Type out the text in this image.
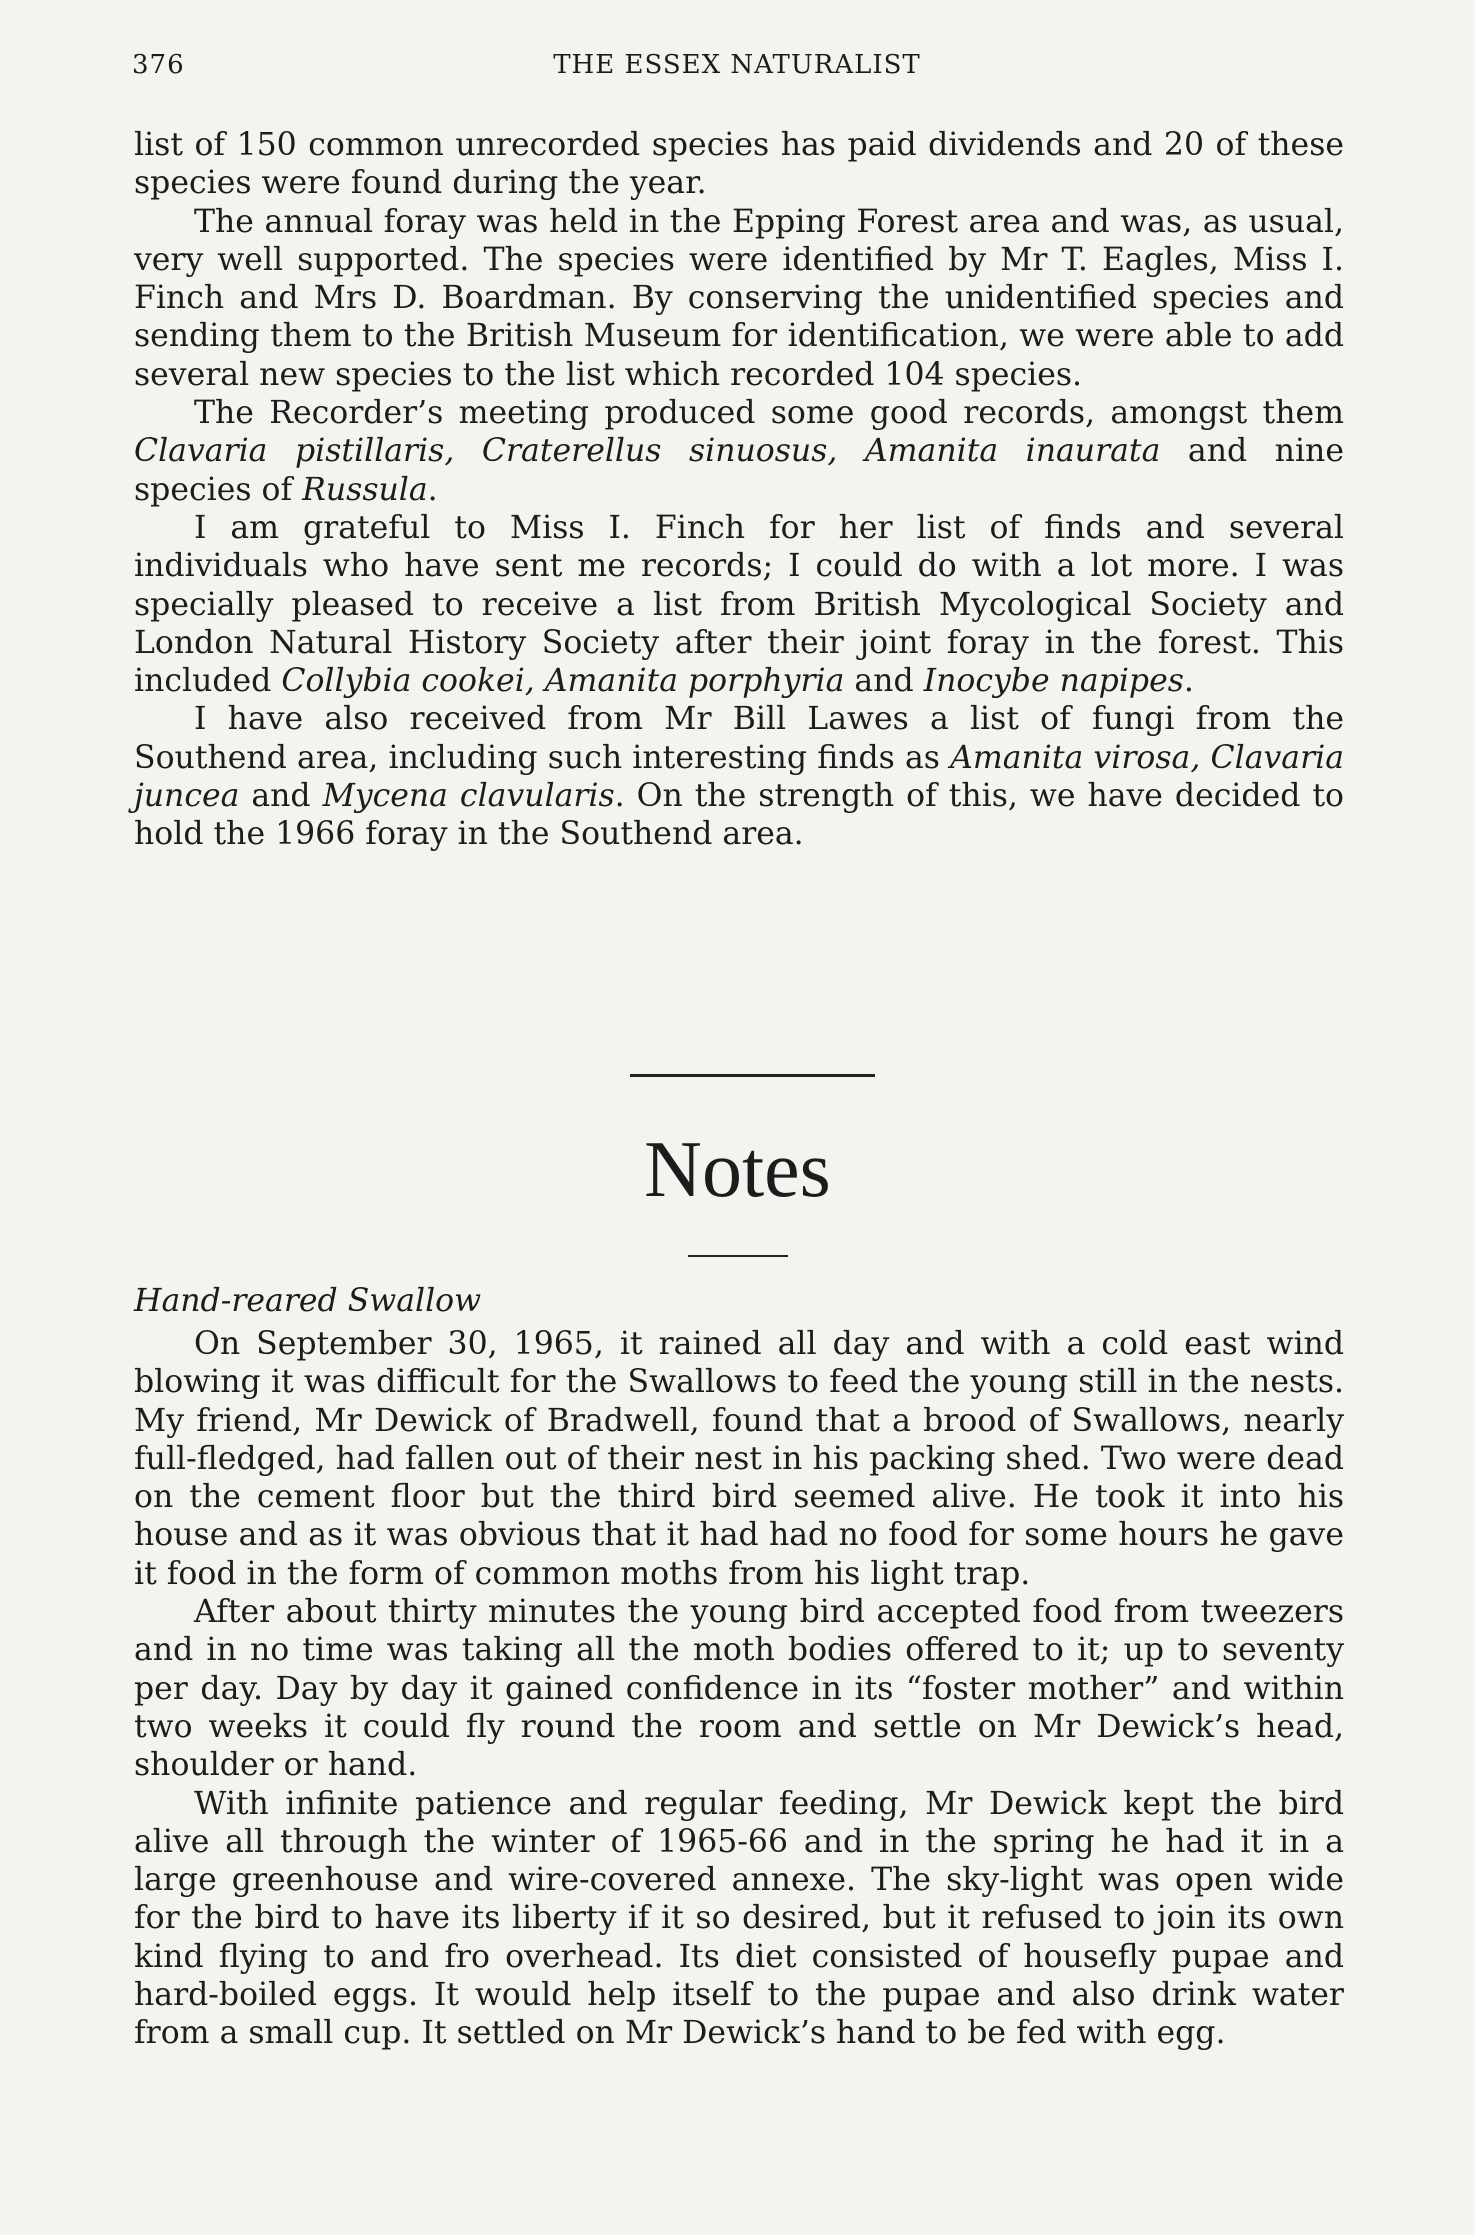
376	THE ESSEX NATURALIST

list of 150 common unrecorded species has paid dividends and 20 of these species were found during the year.

The annual foray was held in the Epping Forest area and was, as usual, very well supported. The species were identified by Mr T. Eagles, Miss I. Finch and Mrs D. Boardman. By conserving the unidentified species and sending them to the British Museum for identification, we were able to add several new species to the list which recorded 104 species.

The Recorder’s meeting produced some good records, amongst them Clavaria pistillaris, Craterellus sinuosus, Amanita inaurata and nine species of Russula.

I am grateful to Miss I. Finch for her list of finds and several individuals who have sent me records; I could do with a lot more. I was specially pleased to receive a list from British Mycological Society and London Natural History Society after their joint foray in the forest. This included Collybia cookei, Amanita porphyria and Inocybe napipes.

I have also received from Mr Bill Lawes a list of fungi from the Southend area, including such interesting finds as Amanita virosa, Clavaria juncea and Mycena clavularis. On the strength of this, we have decided to hold the 1966 foray in the Southend area.

Notes
Hand-reared Swallow

On September 30, 1965, it rained all day and with a cold east wind blowing it was difficult for the Swallows to feed the young still in the nests. My friend, Mr Dewick of Bradwell, found that a brood of Swallows, nearly full-fledged, had fallen out of their nest in his packing shed. Two were dead on the cement floor but the third bird seemed alive. He took it into his house and as it was obvious that it had had no food for some hours he gave it food in the form of common moths from his light trap.

After about thirty minutes the young bird accepted food from tweezers and in no time was taking all the moth bodies offered to it; up to seventy per day. Day by day it gained confidence in its “foster mother” and within two weeks it could fly round the room and settle on Mr Dewick’s head, shoulder or hand.

With infinite patience and regular feeding, Mr Dewick kept the bird alive all through the winter of 1965-66 and in the spring he had it in a large greenhouse and wire-covered annexe. The sky-light was open wide for the bird to have its liberty if it so desired, but it refused to join its own kind flying to and fro overhead. Its diet consisted of housefly pupae and hard-boiled eggs. It would help itself to the pupae and also drink water from a small cup. It settled on Mr Dewick’s hand to be fed with egg.
